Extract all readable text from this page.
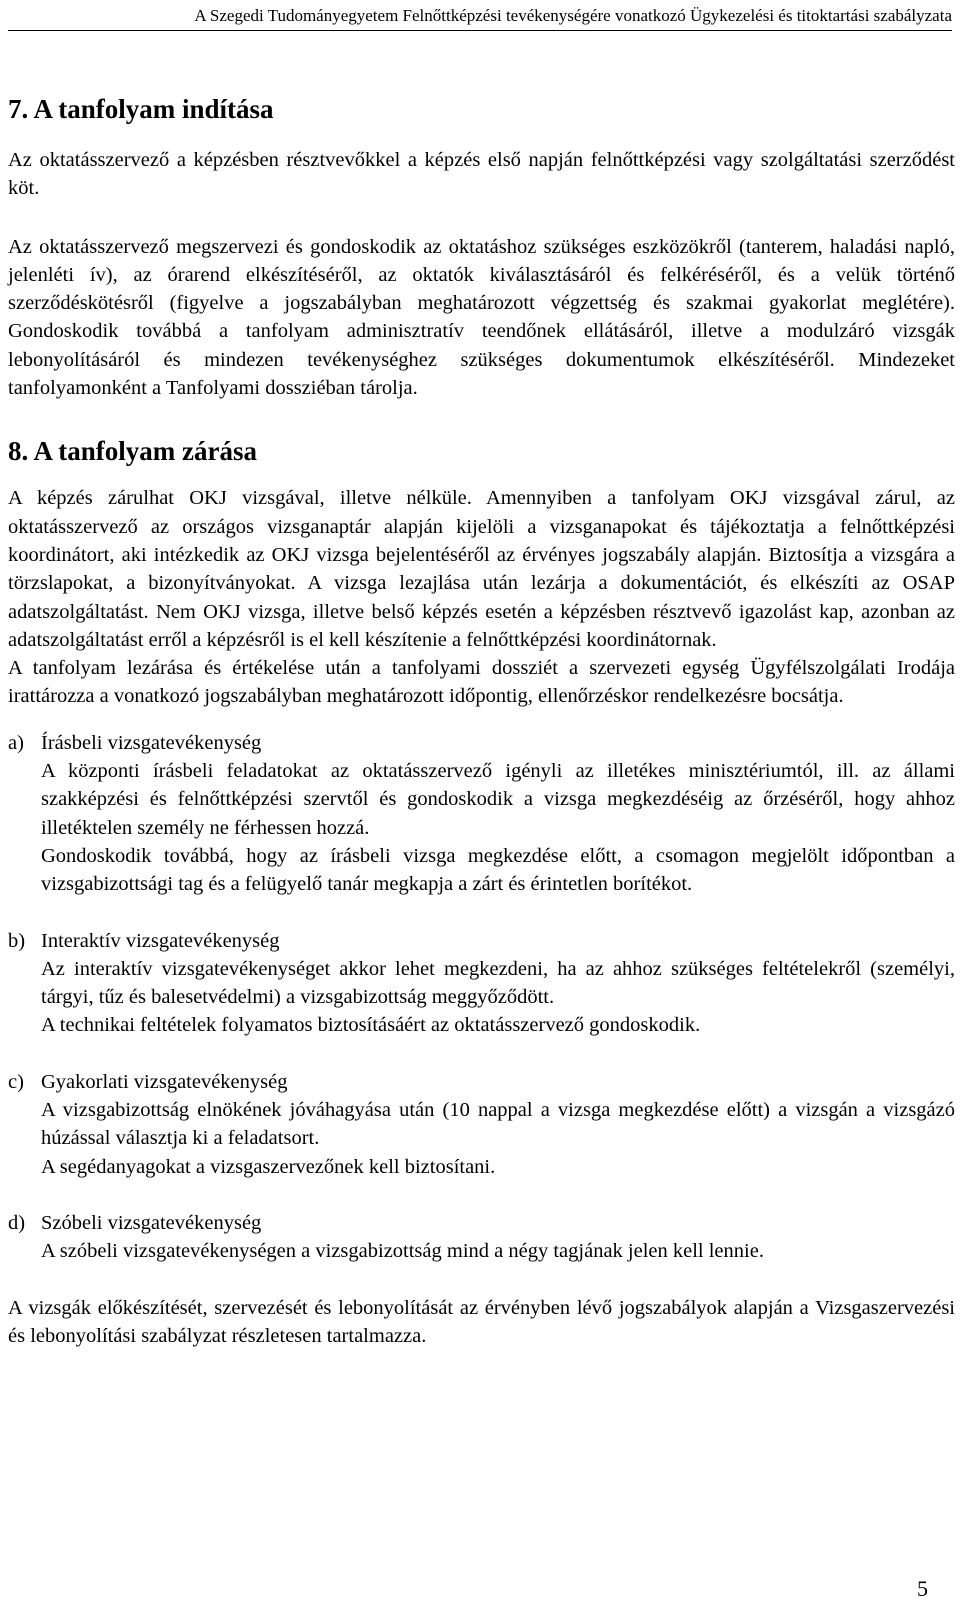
A Szegedi Tudományegyetem Felnőttképzési tevékenységére vonatkozó Ügykezelési és titoktartási szabályzata
7. A tanfolyam indítása

Az oktatásszervező a képzésben résztvevőkkel a képzés első napján felnőttképzési vagy szolgáltatási szerződést köt.

Az oktatásszervező megszervezi és gondoskodik az oktatáshoz szükséges eszközökről (tanterem, haladási napló, jelenléti ív), az órarend elkészítéséről, az oktatók kiválasztásáról és felkéréséről, és a velük történő szerződéskötésről (figyelve a jogszabályban meghatározott végzettség és szakmai gyakorlat meglétére). Gondoskodik továbbá a tanfolyam adminisztratív teendőnek ellátásáról, illetve a modulzáró vizsgák lebonyolításáról és mindezen tevékenységhez szükséges dokumentumok elkészítéséről. Mindezeket tanfolyamonként a Tanfolyami dossziéban tárolja.

8. A tanfolyam zárása

A képzés zárulhat OKJ vizsgával, illetve nélküle. Amennyiben a tanfolyam OKJ vizsgával zárul, az oktatásszervező az országos vizsganaptár alapján kijelöli a vizsganapokat és tájékoztatja a felnőttképzési koordinátort, aki intézkedik az OKJ vizsga bejelentéséről az érvényes jogszabály alapján. Biztosítja a vizsgára a törzslapokat, a bizonyítványokat. A vizsga lezajlása után lezárja a dokumentációt, és elkészíti az OSAP adatszolgáltatást. Nem OKJ vizsga, illetve belső képzés esetén a képzésben résztvevő igazolást kap, azonban az adatszolgáltatást erről a képzésről is el kell készítenie a felnőttképzési koordinátornak.

A tanfolyam lezárása és értékelése után a tanfolyami dossziét a szervezeti egység Ügyfélszolgálati Irodája irattározza a vonatkozó jogszabályban meghatározott időpontig, ellenőrzéskor rendelkezésre bocsátja.

a) Írásbeli vizsgatevékenység

A központi írásbeli feladatokat az oktatásszervező igényli az illetékes minisztériumtól, ill. az állami szakképzési és felnőttképzési szervtől és gondoskodik a vizsga megkezdéséig az őrzéséről, hogy ahhoz illetéktelen személy ne férhessen hozzá.

Gondoskodik továbbá, hogy az írásbeli vizsga megkezdése előtt, a csomagon megjelölt időpontban a vizsgabizottsági tag és a felügyelő tanár megkapja a zárt és érintetlen borítékot.

b) Interaktív vizsgatevékenység

Az interaktív vizsgatevékenységet akkor lehet megkezdeni, ha az ahhoz szükséges feltételekről (személyi, tárgyi, tűz és balesetvédelmi) a vizsgabizottság meggyőződött.

A technikai feltételek folyamatos biztosításáért az oktatásszervező gondoskodik.

c) Gyakorlati vizsgatevékenység

A vizsgabizottság elnökének jóváhagyása után (10 nappal a vizsga megkezdése előtt) a vizsgán a vizsgázó húzással választja ki a feladatsort.

A segédanyagokat a vizsgaszervezőnek kell biztosítani.

d) Szóbeli vizsgatevékenység

A szóbeli vizsgatevékenységen a vizsgabizottság mind a négy tagjának jelen kell lennie.

A vizsgák előkészítését, szervezését és lebonyolítását az érvényben lévő jogszabályok alapján a Vizsgaszervezési és lebonyolítási szabályzat részletesen tartalmazza.

5
